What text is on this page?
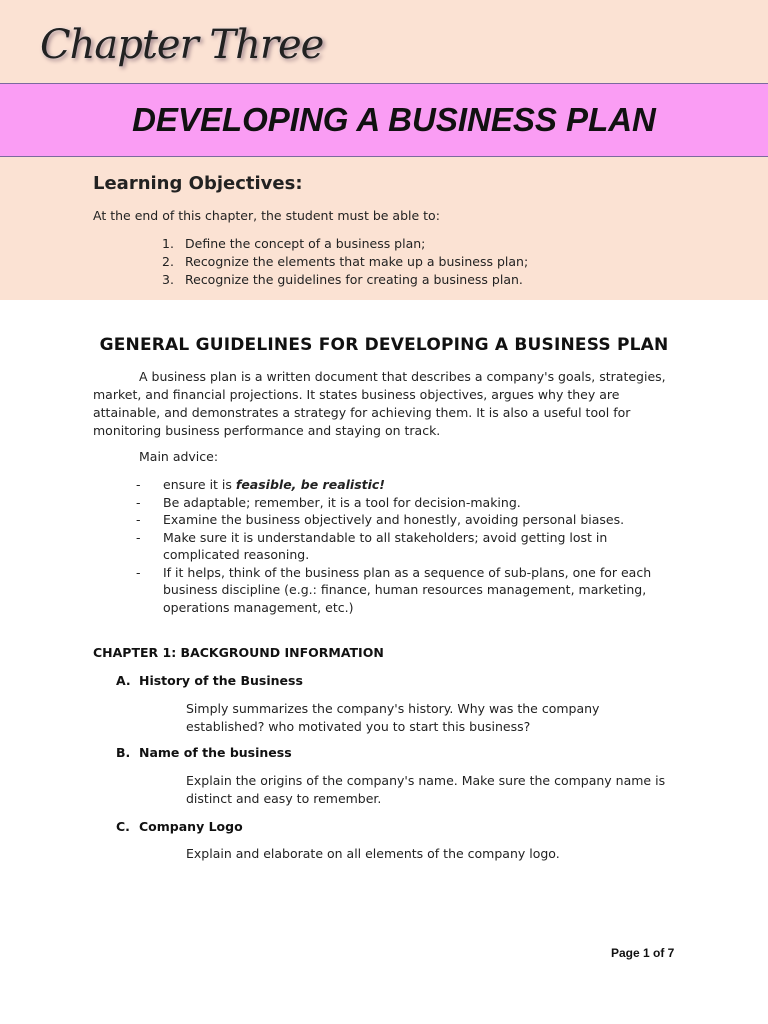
Chapter Three
DEVELOPING A BUSINESS PLAN
Learning Objectives:
At the end of this chapter, the student must be able to:
1. Define the concept of a business plan;
2. Recognize the elements that make up a business plan;
3. Recognize the guidelines for creating a business plan.
GENERAL GUIDELINES FOR DEVELOPING A BUSINESS PLAN
A business plan is a written document that describes a company's goals, strategies, market, and financial projections. It states business objectives, argues why they are attainable, and demonstrates a strategy for achieving them. It is also a useful tool for monitoring business performance and staying on track.
Main advice:
- ensure it is feasible, be realistic!
- Be adaptable; remember, it is a tool for decision-making.
- Examine the business objectively and honestly, avoiding personal biases.
- Make sure it is understandable to all stakeholders; avoid getting lost in complicated reasoning.
- If it helps, think of the business plan as a sequence of sub-plans, one for each business discipline (e.g.: finance, human resources management, marketing, operations management, etc.)
CHAPTER 1: BACKGROUND INFORMATION
A. History of the Business
Simply summarizes the company's history. Why was the company established? who motivated you to start this business?
B. Name of the business
Explain the origins of the company's name. Make sure the company name is distinct and easy to remember.
C. Company Logo
Explain and elaborate on all elements of the company logo.
Page 1 of 7
